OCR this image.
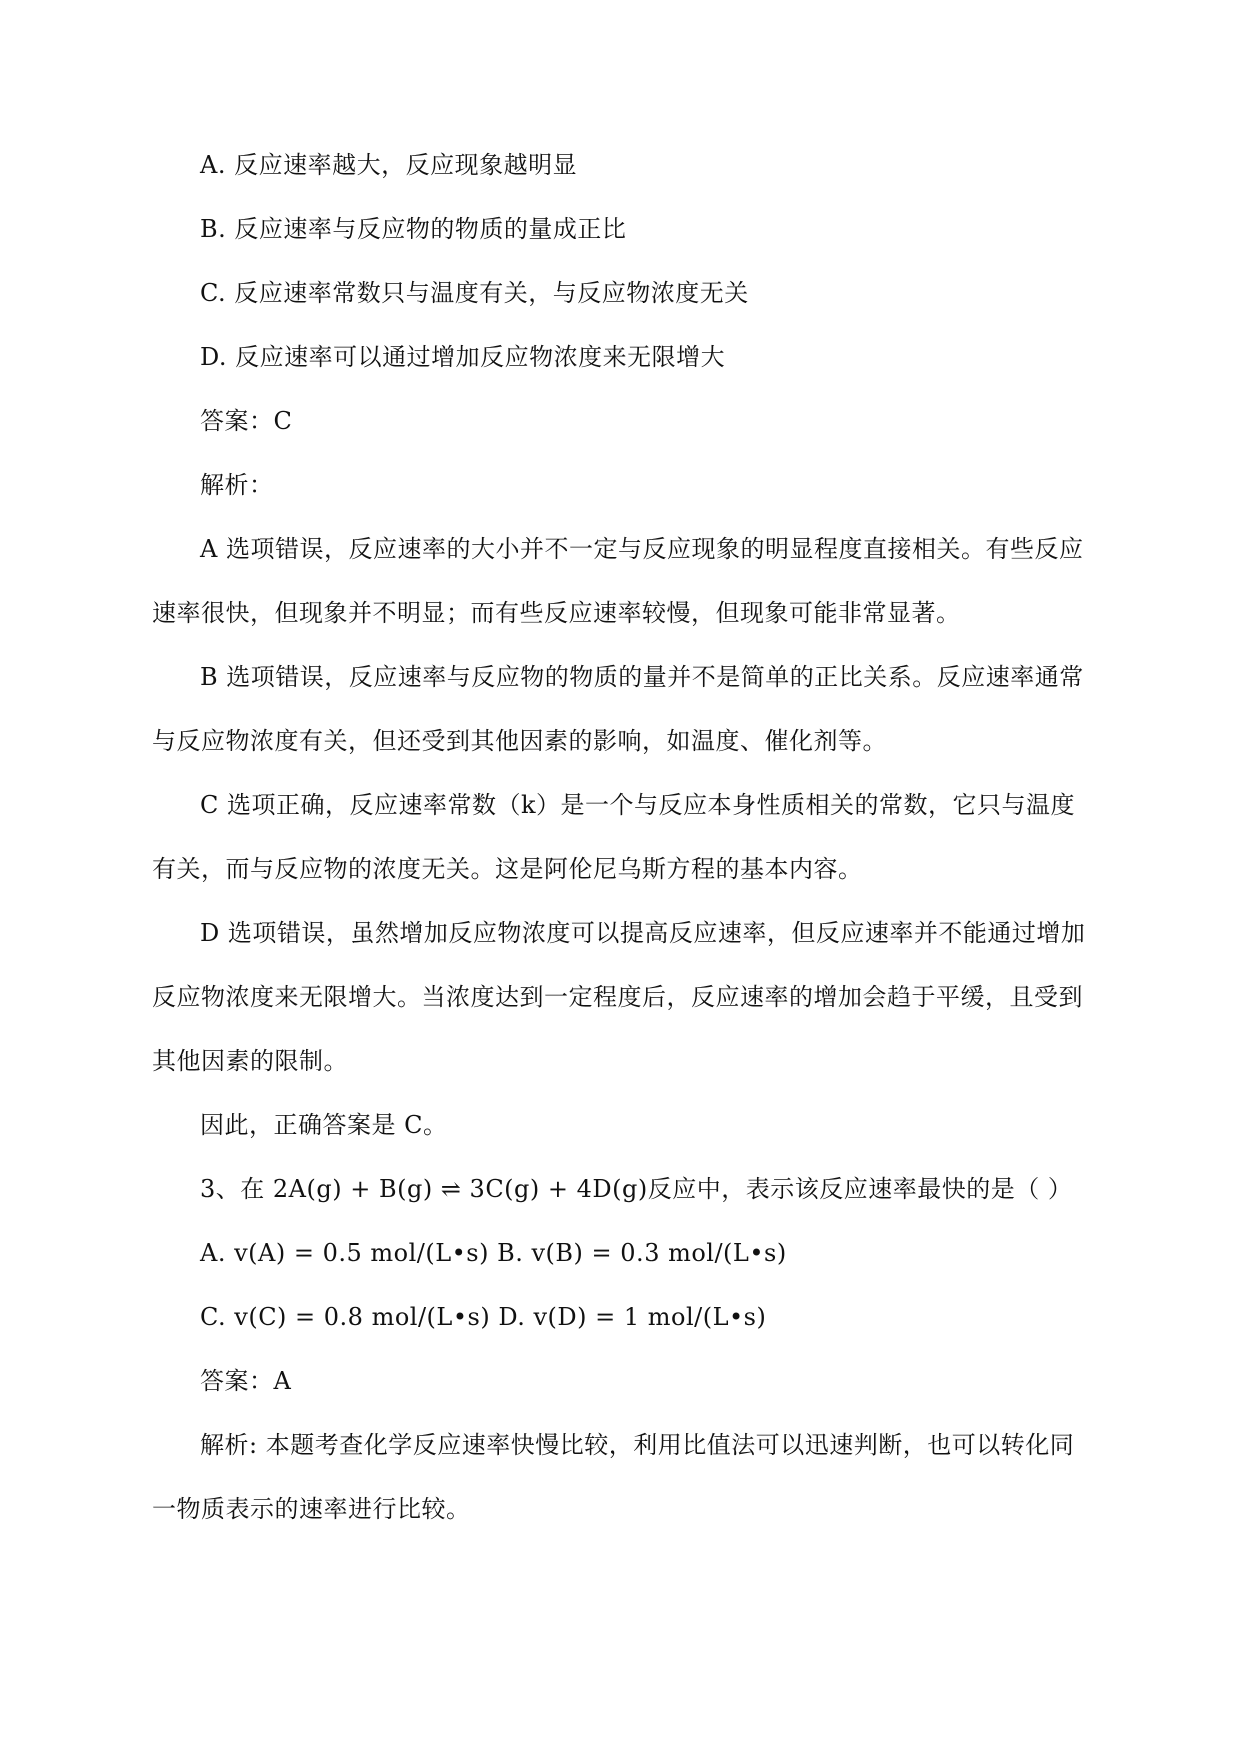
A. 反应速率越大，反应现象越明显
B. 反应速率与反应物的物质的量成正比
C. 反应速率常数只与温度有关，与反应物浓度无关
D. 反应速率可以通过增加反应物浓度来无限增大
答案：C
解析：
A 选项错误，反应速率的大小并不一定与反应现象的明显程度直接相关。有些反应
速率很快，但现象并不明显；而有些反应速率较慢，但现象可能非常显著。
B 选项错误，反应速率与反应物的物质的量并不是简单的正比关系。反应速率通常
与反应物浓度有关，但还受到其他因素的影响，如温度、催化剂等。
C 选项正确，反应速率常数（k）是一个与反应本身性质相关的常数，它只与温度
有关，而与反应物的浓度无关。这是阿伦尼乌斯方程的基本内容。
D 选项错误，虽然增加反应物浓度可以提高反应速率，但反应速率并不能通过增加
反应物浓度来无限增大。当浓度达到一定程度后，反应速率的增加会趋于平缓，且受到
其他因素的限制。
因此，正确答案是 C。
3、在 2A(g) + B(g) ⇌ 3C(g) + 4D(g)反应中，表示该反应速率最快的是（ ）
A. v(A) = 0.5 mol/(L•s) B. v(B) = 0.3 mol/(L•s)
C. v(C) = 0.8 mol/(L•s) D. v(D) = 1 mol/(L•s)
答案：A
解析: 本题考查化学反应速率快慢比较，利用比值法可以迅速判断，也可以转化同
一物质表示的速率进行比较。
